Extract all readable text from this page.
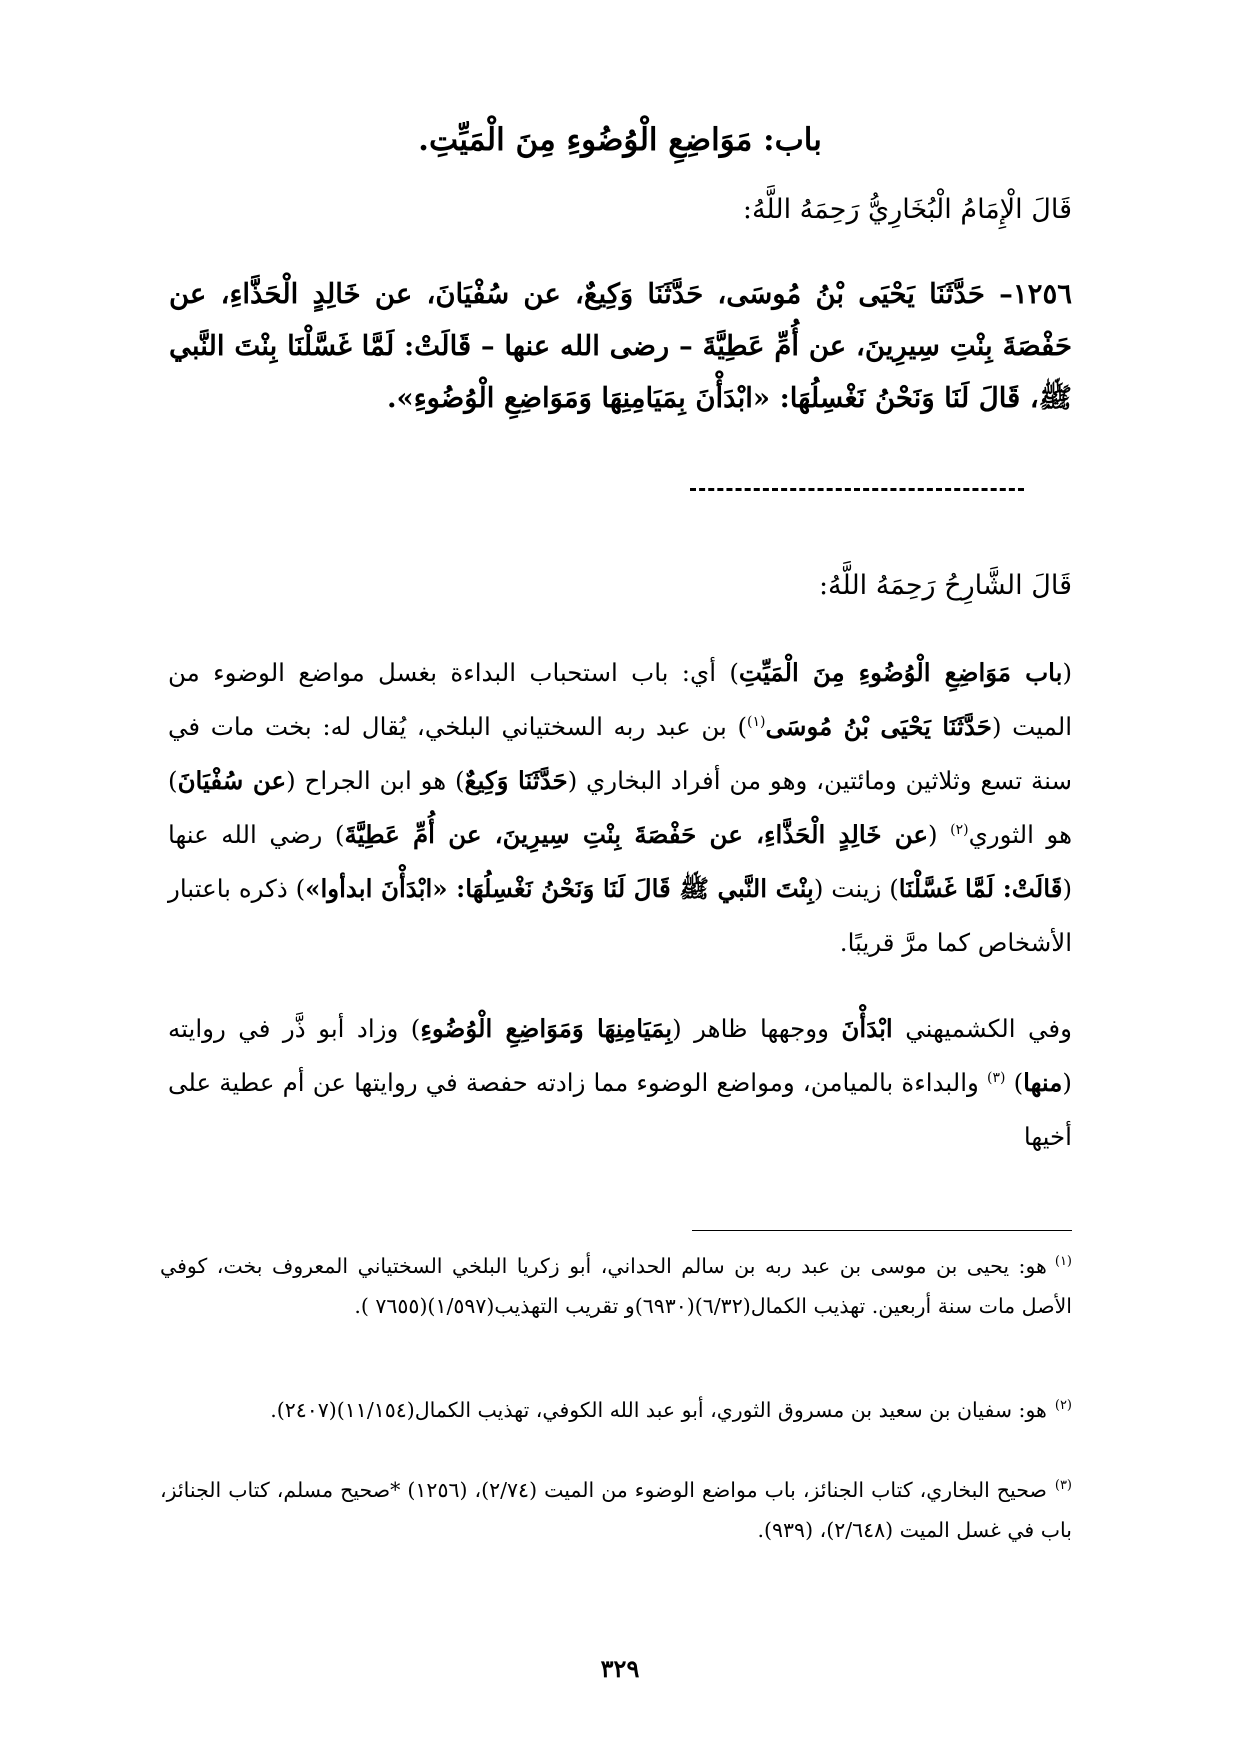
باب: مَوَاضِعِ الْوُضُوءِ مِنَ الْمَيِّتِ.
قَالَ الْإِمَامُ الْبُخَارِيُّ رَحِمَهُ اللَّهُ:
١٢٥٦– حَدَّثَنَا يَحْيَى بْنُ مُوسَى، حَدَّثَنَا وَكِيعٌ، عن سُفْيَانَ، عن خَالِدٍ الْحَذَّاءِ، عن حَفْصَةَ بِنْتِ سِيرِينَ، عن أُمِّ عَطِيَّةَ – رضى الله عنها – قَالَتْ: لَمَّا غَسَّلْنَا بِنْتَ النَّبي ﷺ، قَالَ لَنَا وَنَحْنُ نَغْسِلُهَا: «ابْدَأْنَ بِمَيَامِنِهَا وَمَوَاضِعِ الْوُضُوءِ».
قَالَ الشَّارِحُ رَحِمَهُ اللَّهُ:
(باب مَوَاضِعِ الْوُضُوءِ مِنَ الْمَيِّتِ) أي: باب استحباب البداءة بغسل مواضع الوضوء من الميت (حَدَّثَنَا يَحْيَى بْنُ مُوسَى$^{(١)}$) بن عبد ربه السختياني البلخي، يُقال له: بخت مات في سنة تسع وثلاثين ومائتين، وهو من أفراد البخاري (حَدَّثَنَا وَكِيعٌ) هو ابن الجراح (عن سُفْيَانَ) هو الثوري$^{(٢)}$ (عن خَالِدٍ الْحَذَّاءِ، عن حَفْصَةَ بِنْتِ سِيرِينَ، عن أُمِّ عَطِيَّةَ) رضي الله عنها (قَالَتْ: لَمَّا غَسَّلْنَا) زينت (بِنْتَ النَّبي ﷺ قَالَ لَنَا وَنَحْنُ نَغْسِلُهَا: «ابْدَأْنَ ابدأوا») ذكره باعتبار الأشخاص كما مرَّ قريبًا.
وفي الكشميهني ابْدَأْنَ ووجهها ظاهر (بِمَيَامِنِهَا وَمَوَاضِعِ الْوُضُوءِ) وزاد أبو ذَّر في روايته (منها) $^{(٣)}$ والبداءة بالميامن، ومواضع الوضوء مما زادته حفصة في روايتها عن أم عطية على أخيها
$^{(١)}$هو: يحيى بن موسى بن عبد ربه بن سالم الحداني، أبو زكريا البلخي السختياني المعروف بخت، كوفي الأصل مات سنة أربعين. تهذيب الكمال(٦/٣٢)(٦٩٣٠)و تقريب التهذيب(١/٥٩٧)(٧٦٥٥ ).
$^{(٢)}$هو: سفيان بن سعيد بن مسروق الثوري، أبو عبد الله الكوفي، تهذيب الكمال(١١/١٥٤)(٢٤٠٧).
$^{(٣)}$صحيح البخاري، كتاب الجنائز، باب مواضع الوضوء من الميت (٢/٧٤)، (١٢٥٦) *صحيح مسلم، كتاب الجنائز، باب في غسل الميت (٢/٦٤٨)، (٩٣٩).
٣٢٩
